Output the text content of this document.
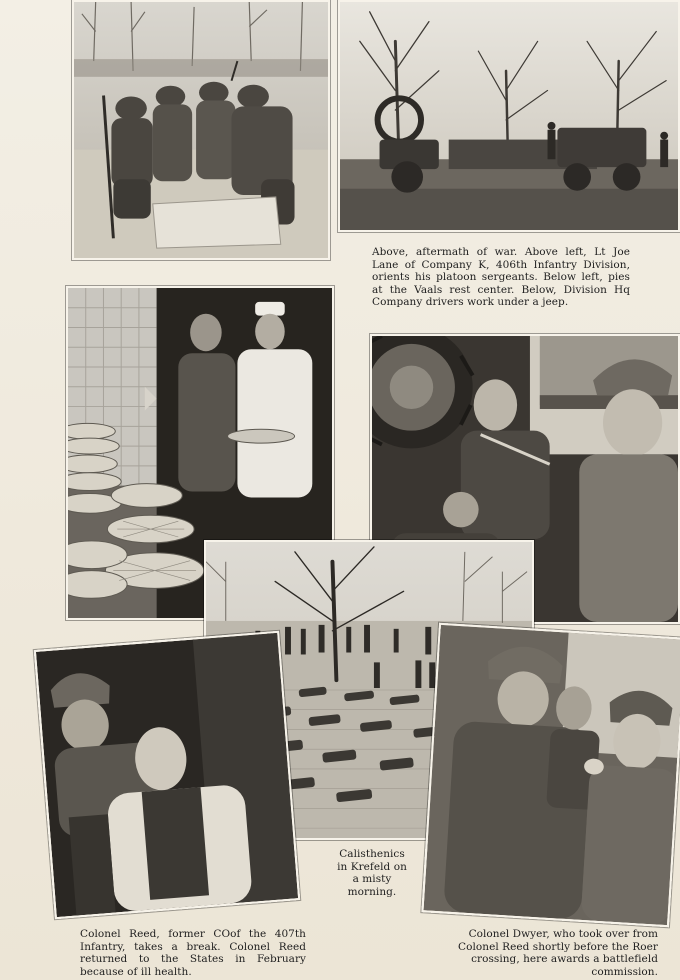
Above, aftermath of war. Above left, Lt Joe Lane of Company K, 406th Infantry Division, orients his platoon sergeants. Below left, pies at the Vaals rest center. Below, Division Hq Company drivers work under a jeep.
Calisthenics in Krefeld on a misty morning.
Colonel Reed, former COof the 407th Infantry, takes a break. Colonel Reed returned to the States in February because of ill health.
Colonel Dwyer, who took over from Colonel Reed shortly before the Roer crossing, here awards a battlefield commission.
